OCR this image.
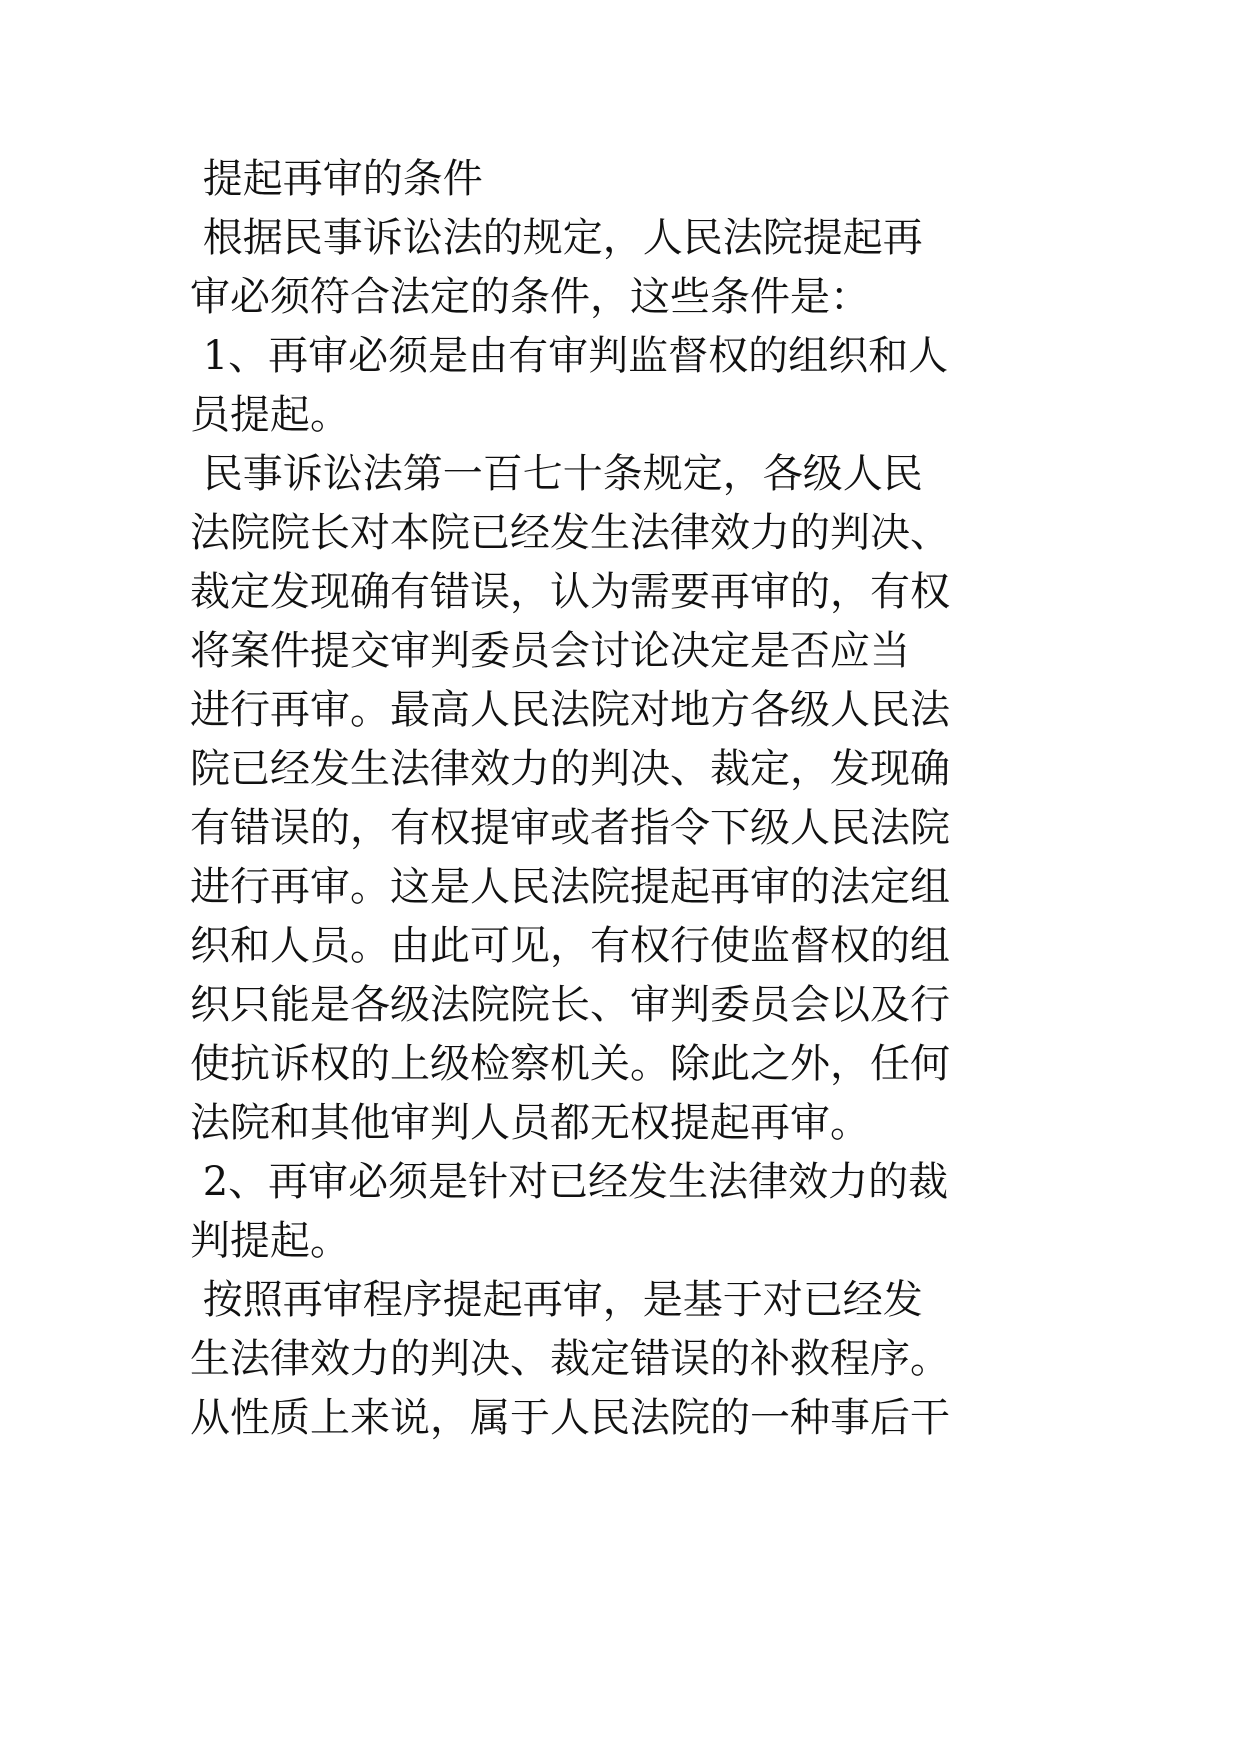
提起再审的条件
根据民事诉讼法的规定，人民法院提起再
审必须符合法定的条件，这些条件是：
1、再审必须是由有审判监督权的组织和人
员提起。
民事诉讼法第一百七十条规定，各级人民
法院院长对本院已经发生法律效力的判决、
裁定发现确有错误，认为需要再审的，有权
将案件提交审判委员会讨论决定是否应当
进行再审。最高人民法院对地方各级人民法
院已经发生法律效力的判决、裁定，发现确
有错误的，有权提审或者指令下级人民法院
进行再审。这是人民法院提起再审的法定组
织和人员。由此可见，有权行使监督权的组
织只能是各级法院院长、审判委员会以及行
使抗诉权的上级检察机关。除此之外，任何
法院和其他审判人员都无权提起再审。
2、再审必须是针对已经发生法律效力的裁
判提起。
按照再审程序提起再审，是基于对已经发
生法律效力的判决、裁定错误的补救程序。
从性质上来说，属于人民法院的一种事后干
